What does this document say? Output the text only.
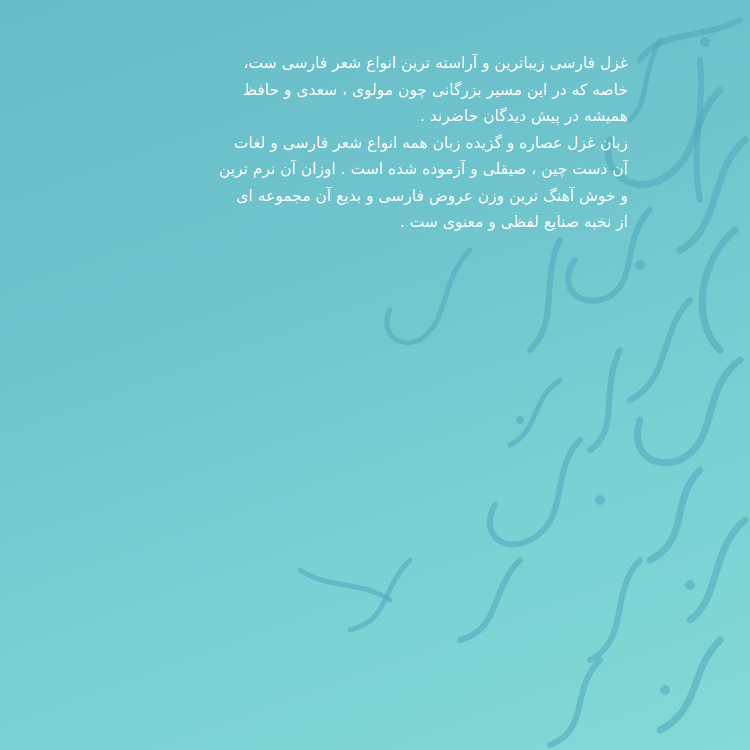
غزل فارسی زیباترین و آراسته ترین انواع شعر فارسی ست،
خاصه که در این مسیر بزرگانی چون مولوی ، سعدی و حافظ
همیشه در پیش دیدگان حاضرند .

زبان غزل عصاره و گزیده زبان همه انواع شعر فارسی و لغات
آن دست چین ، صیقلی و آزموده شده است . اوزان آن نرم ترین
و خوش آهنگ ترین وزن عروض فارسی و بدیع آن مجموعه ای
از نخبه صنایع لفظی و معنوی ست .
